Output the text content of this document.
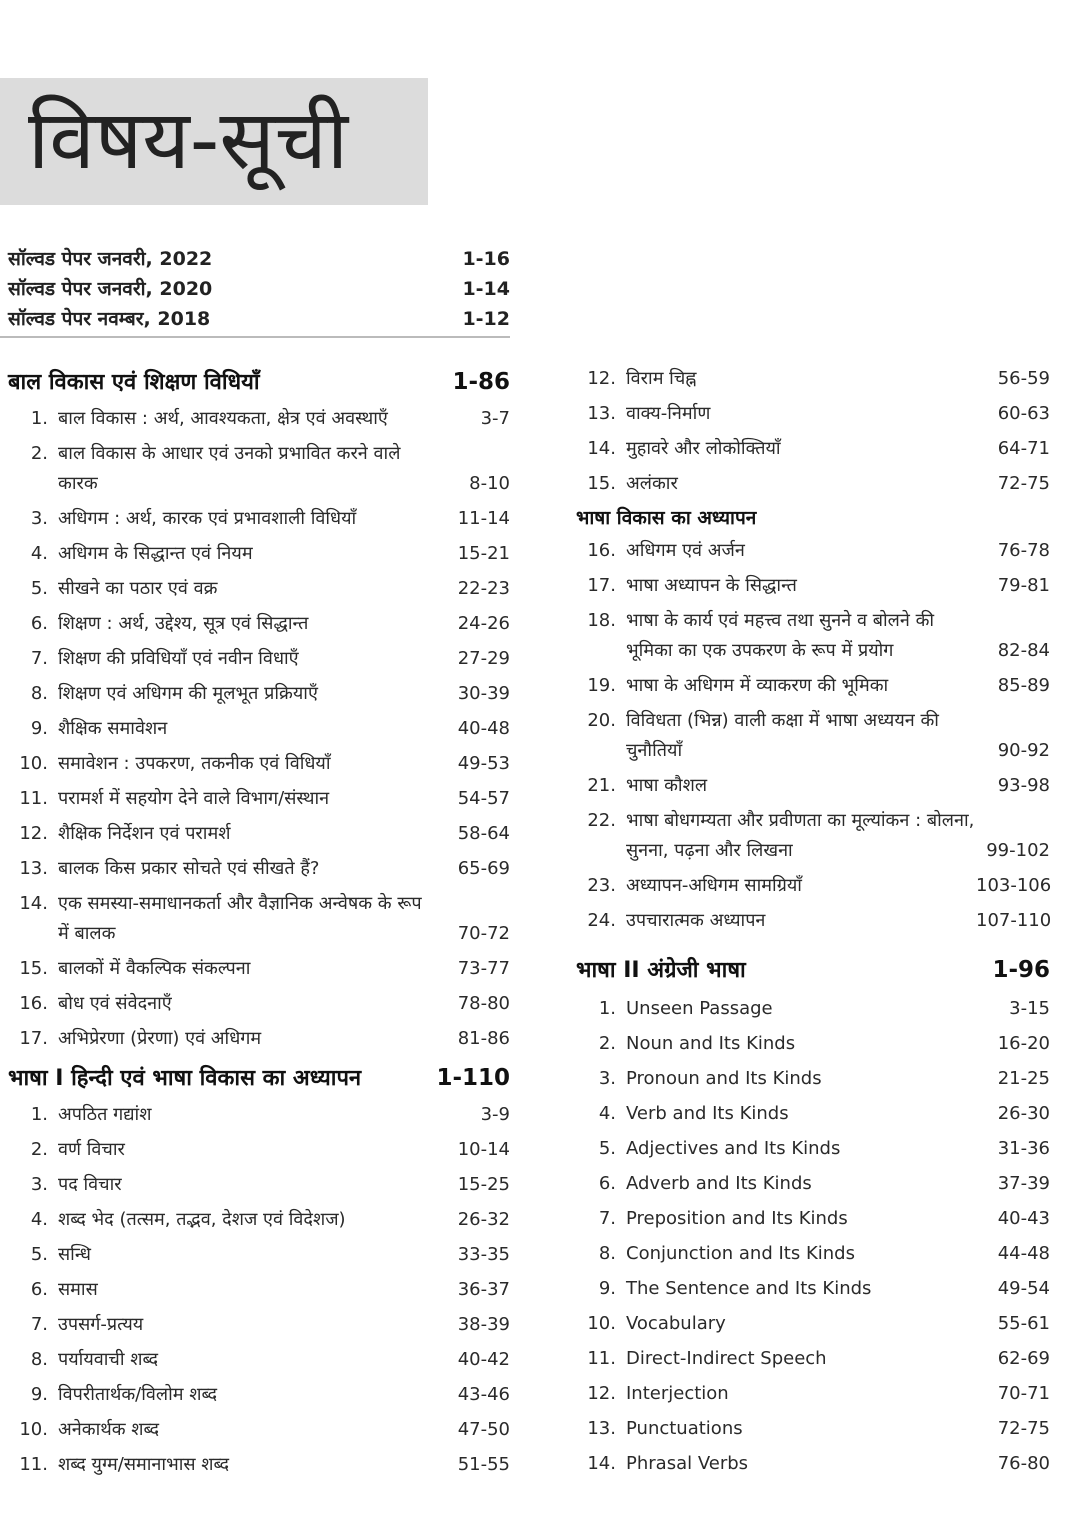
विषय-सूची
सॉल्वड पेपर जनवरी, 2022	1-16
सॉल्वड पेपर जनवरी, 2020	1-14
सॉल्वड पेपर नवम्बर, 2018	1-12
बाल विकास एवं शिक्षण विधियाँ	1-86
1. बाल विकास : अर्थ, आवश्यकता, क्षेत्र एवं अवस्थाएँ	3-7
2. बाल विकास के आधार एवं उनको प्रभावित करने वाले कारक	8-10
3. अधिगम : अर्थ, कारक एवं प्रभावशाली विधियाँ	11-14
4. अधिगम के सिद्धान्त एवं नियम	15-21
5. सीखने का पठार एवं वक्र	22-23
6. शिक्षण : अर्थ, उद्देश्य, सूत्र एवं सिद्धान्त	24-26
7. शिक्षण की प्रविधियाँ एवं नवीन विधाएँ	27-29
8. शिक्षण एवं अधिगम की मूलभूत प्रक्रियाएँ	30-39
9. शैक्षिक समावेशन	40-48
10. समावेशन : उपकरण, तकनीक एवं विधियाँ	49-53
11. परामर्श में सहयोग देने वाले विभाग/संस्थान	54-57
12. शैक्षिक निर्देशन एवं परामर्श	58-64
13. बालक किस प्रकार सोचते एवं सीखते हैं?	65-69
14. एक समस्या-समाधानकर्ता और वैज्ञानिक अन्वेषक के रूप में बालक	70-72
15. बालकों में वैकल्पिक संकल्पना	73-77
16. बोध एवं संवेदनाएँ	78-80
17. अभिप्रेरणा (प्रेरणा) एवं अधिगम	81-86
भाषा I हिन्दी एवं भाषा विकास का अध्यापन	1-110
1. अपठित गद्यांश	3-9
2. वर्ण विचार	10-14
3. पद विचार	15-25
4. शब्द भेद (तत्सम, तद्भव, देशज एवं विदेशज)	26-32
5. सन्धि	33-35
6. समास	36-37
7. उपसर्ग-प्रत्यय	38-39
8. पर्यायवाची शब्द	40-42
9. विपरीतार्थक/विलोम शब्द	43-46
10. अनेकार्थक शब्द	47-50
11. शब्द युग्म/समानाभास शब्द	51-55
12. विराम चिह्न	56-59
13. वाक्य-निर्माण	60-63
14. मुहावरे और लोकोक्तियाँ	64-71
15. अलंकार	72-75
भाषा विकास का अध्यापन
16. अधिगम एवं अर्जन	76-78
17. भाषा अध्यापन के सिद्धान्त	79-81
18. भाषा के कार्य एवं महत्त्व तथा सुनने व बोलने की भूमिका का एक उपकरण के रूप में प्रयोग	82-84
19. भाषा के अधिगम में व्याकरण की भूमिका	85-89
20. विविधता (भिन्न) वाली कक्षा में भाषा अध्ययन की चुनौतियाँ	90-92
21. भाषा कौशल	93-98
22. भाषा बोधगम्यता और प्रवीणता का मूल्यांकन : बोलना, सुनना, पढ़ना और लिखना	99-102
23. अध्यापन-अधिगम सामग्रियाँ	103-106
24. उपचारात्मक अध्यापन	107-110
भाषा II अंग्रेजी भाषा	1-96
1. Unseen Passage	3-15
2. Noun and Its Kinds	16-20
3. Pronoun and Its Kinds	21-25
4. Verb and Its Kinds	26-30
5. Adjectives and Its Kinds	31-36
6. Adverb and Its Kinds	37-39
7. Preposition and Its Kinds	40-43
8. Conjunction and Its Kinds	44-48
9. The Sentence and Its Kinds	49-54
10. Vocabulary	55-61
11. Direct-Indirect Speech	62-69
12. Interjection	70-71
13. Punctuations	72-75
14. Phrasal Verbs	76-80
